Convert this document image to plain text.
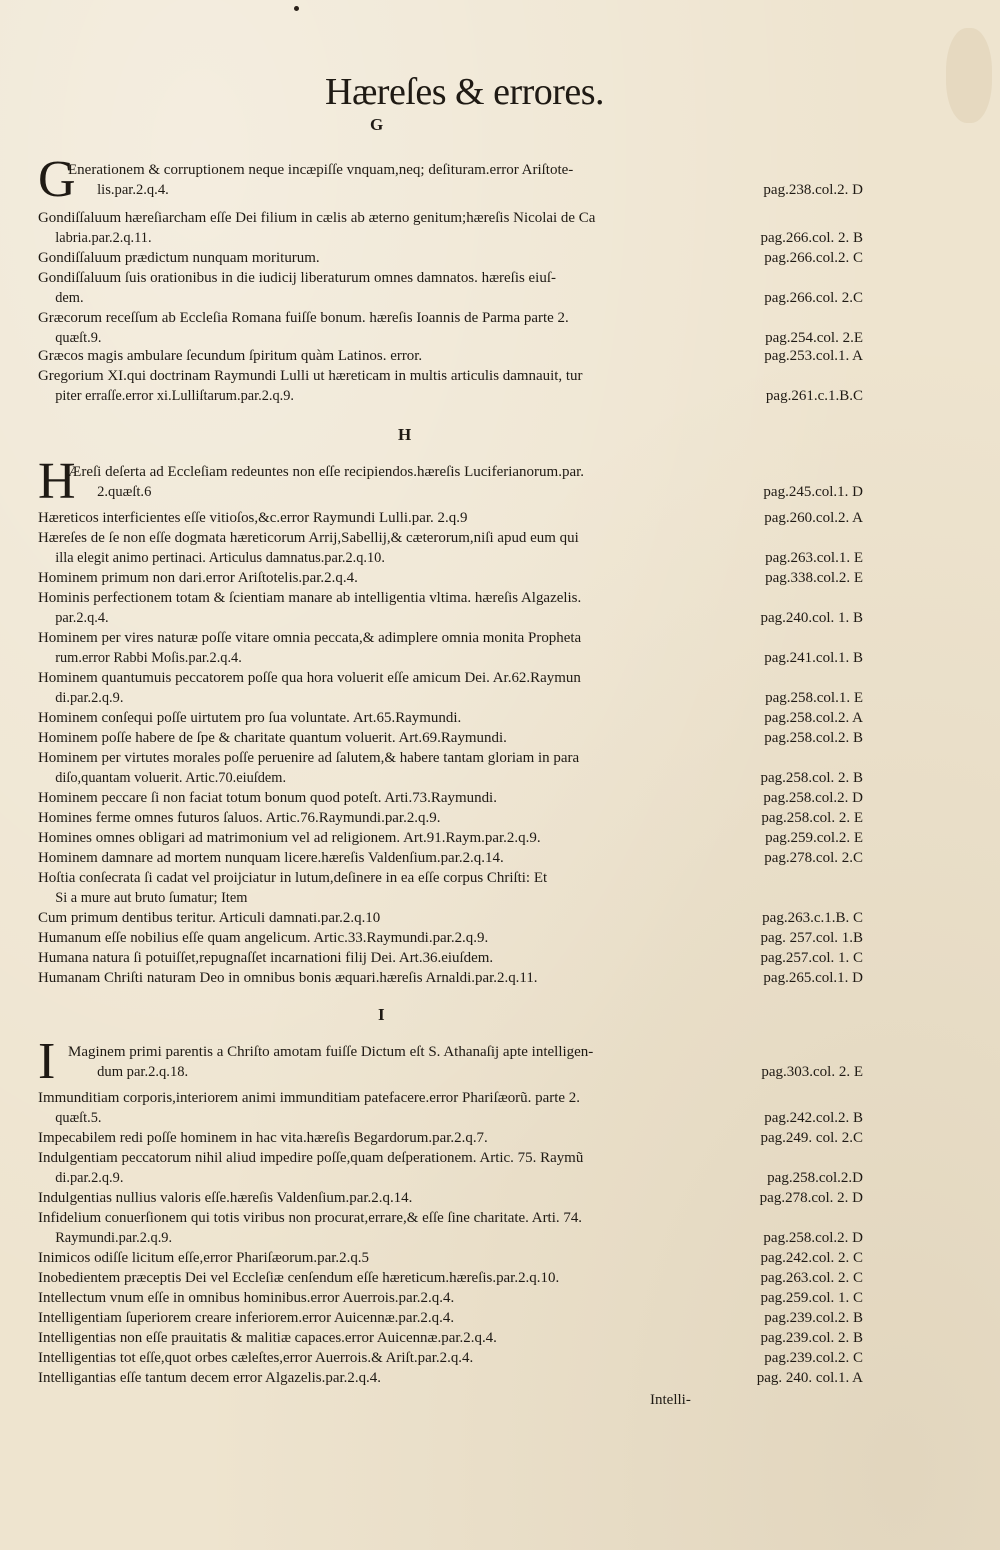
Hæreſes & errores.
G
G
Enerationem & corruptionem neque incæpiſſe vnquam,neq; deſituram.error Ariſtote-
lis.par.2.q.4.	pag.238.col.2. D
Gondiſſaluum hæreſiarcham eſſe Dei filium in cælis ab æterno genitum;hæreſis Nicolai de Ca
labria.par.2.q.11.	pag.266.col. 2. B
Gondiſſaluum prædictum nunquam moriturum.	pag.266.col.2. C
Gondiſſaluum ſuis orationibus in die iudicij liberaturum omnes damnatos. hæreſis eiuſ-
dem.	pag.266.col. 2.C
Græcorum receſſum ab Eccleſia Romana fuiſſe bonum. hæreſis Ioannis de Parma parte 2.
quæſt.9.	pag.254.col. 2.E
Græcos magis ambulare ſecundum ſpiritum quàm Latinos. error.	pag.253.col.1. A
Gregorium XI.qui doctrinam Raymundi Lulli ut hæreticam in multis articulis damnauit, tur
piter erraſſe.error xi.Lulliſtarum.par.2.q.9.	pag.261.c.1.B.C
H
H
Æreſi deſerta ad Eccleſiam redeuntes non eſſe recipiendos.hæreſis Luciferianorum.par.
2.quæſt.6	pag.245.col.1. D
Hæreticos interficientes eſſe vitioſos,&c.error Raymundi Lulli.par. 2.q.9	pag.260.col.2. A
Hæreſes de ſe non eſſe dogmata hæreticorum Arrij,Sabellij,& cæterorum,niſi apud eum qui
illa elegit animo pertinaci. Articulus damnatus.par.2.q.10.	pag.263.col.1. E
Hominem primum non dari.error Ariſtotelis.par.2.q.4.	pag.338.col.2. E
Hominis perfectionem totam & ſcientiam manare ab intelligentia vltima. hæreſis Algazelis.
par.2.q.4.	pag.240.col. 1. B
Hominem per vires naturæ poſſe vitare omnia peccata,& adimplere omnia monita Propheta
rum.error Rabbi Moſis.par.2.q.4.	pag.241.col.1. B
Hominem quantumuis peccatorem poſſe qua hora voluerit eſſe amicum Dei. Ar.62.Raymun
di.par.2.q.9.	pag.258.col.1. E
Hominem conſequi poſſe uirtutem pro ſua voluntate. Art.65.Raymundi.	pag.258.col.2. A
Hominem poſſe habere de ſpe & charitate quantum voluerit. Art.69.Raymundi.	pag.258.col.2. B
Hominem per virtutes morales poſſe peruenire ad ſalutem,& habere tantam gloriam in para
diſo,quantam voluerit. Artic.70.eiuſdem.	pag.258.col. 2. B
Hominem peccare ſi non faciat totum bonum quod poteſt. Arti.73.Raymundi.	pag.258.col.2. D
Homines ferme omnes futuros ſaluos. Artic.76.Raymundi.par.2.q.9.	pag.258.col. 2. E
Homines omnes obligari ad matrimonium vel ad religionem. Art.91.Raym.par.2.q.9.	pag.259.col.2. E
Hominem damnare ad mortem nunquam licere.hæreſis Valdenſium.par.2.q.14.	pag.278.col. 2.C
Hoſtia conſecrata ſi cadat vel proijciatur in lutum,deſinere in ea eſſe corpus Chriſti: Et
Si a mure aut bruto ſumatur; Item
Cum primum dentibus teritur. Articuli damnati.par.2.q.10	pag.263.c.1.B. C
Humanum eſſe nobilius eſſe quam angelicum. Artic.33.Raymundi.par.2.q.9.	pag. 257.col. 1.B
Humana natura ſi potuiſſet,repugnaſſet incarnationi filij Dei. Art.36.eiuſdem.	pag.257.col. 1. C
Humanam Chriſti naturam Deo in omnibus bonis æquari.hæreſis Arnaldi.par.2.q.11.	pag.265.col.1. D
I
I Maginem primi parentis a Chriſto amotam fuiſſe Dictum eſt S. Athanaſij apte intelligen-
dum par.2.q.18.	pag.303.col. 2. E
Immunditiam corporis,interiorem animi immunditiam patefacere.error Phariſæorũ. parte 2.
quæſt.5.	pag.242.col.2. B
Impecabilem redi poſſe hominem in hac vita.hæreſis Begardorum.par.2.q.7.	pag.249. col. 2.C
Indulgentiam peccatorum nihil aliud impedire poſſe,quam deſperationem. Artic. 75. Raymũ
di.par.2.q.9.	pag.258.col.2.D
Indulgentias nullius valoris eſſe.hæreſis Valdenſium.par.2.q.14.	pag.278.col. 2. D
Infidelium conuerſionem qui totis viribus non procurat,errare,& eſſe ſine charitate. Arti. 74.
Raymundi.par.2.q.9.	pag.258.col.2. D
Inimicos odiſſe licitum eſſe,error Phariſæorum.par.2.q.5	pag.242.col. 2. C
Inobedientem præceptis Dei vel Eccleſiæ cenſendum eſſe hæreticum.hæreſis.par.2.q.10.	pag.263.col. 2. C
Intellectum vnum eſſe in omnibus hominibus.error Auerrois.par.2.q.4.	pag.259.col. 1. C
Intelligentiam ſuperiorem creare inferiorem.error Auicennæ.par.2.q.4.	pag.239.col.2. B
Intelligentias non eſſe prauitatis & malitiæ capaces.error Auicennæ.par.2.q.4.	pag.239.col. 2. B
Intelligentias tot eſſe,quot orbes cæleſtes,error Auerrois.& Ariſt.par.2.q.4.	pag.239.col.2. C
Intelligantias eſſe tantum decem error Algazelis.par.2.q.4.	pag. 240. col.1. A
Intelli-
